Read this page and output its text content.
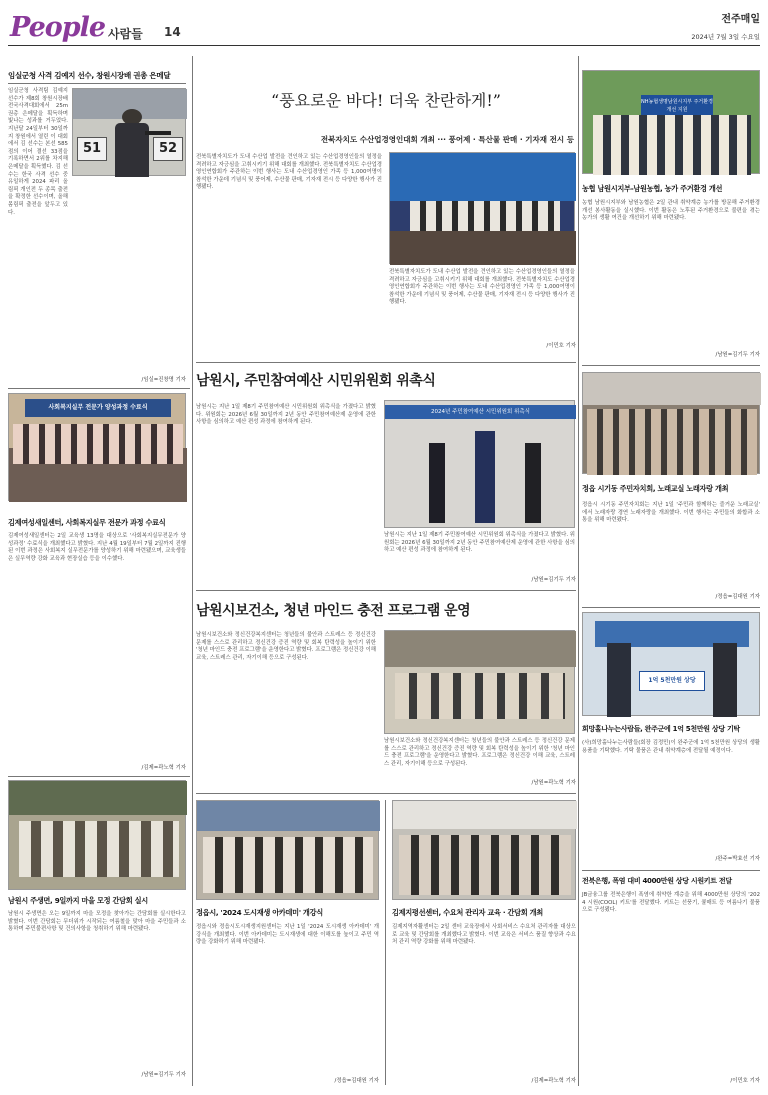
People 사람들 14
전주매일
2024년 7월 3일 수요일
임실군청 사격 김예지 선수, 창원시장배 권총 은메달
51	52
임실군청 사격팀 김예지 선수가 제8회 창원시장배 전국사격대회에서 25m 권총 은메달을 획득하며 빛나는 성과를 거두었다. 지난달 24일부터 30일까지 창원에서 열린 이 대회에서 김 선수는 본선 585점의 이어 결선 33점을 기록하면서 2위를 차지해 은메달을 획득했다. 김 선수는 한국 사격 선수 중 유일하게 2024 파리 올림픽 개인전 두 종목 출전을 확정한 선수이며, 올해 몸림픽 출전을 앞두고 있다.
/임실=진창명 기자
사회복지실무 전문가 양성과정 수료식
김제여성새일센터, 사회복지실무 전문가 과정 수료식
김제여성새일센터는 2일 교육생 13명을 대상으로 '사회복지실무전문가 양성과정' 수료식을 개최했다고 밝혔다. 지난 4월 19일부터 7월 2일까지 진행된 이번 과정은 사회복지 실무전문가를 양성하기 위해 마련됐으며, 교육생들은 실무역량 강화 교육과 현장실습 등을 이수했다.
/김제=곽노혁 기자
남원시 주생면, 9일까지 마을 모정 간담회 실시
남원시 주생면은 오는 9일까지 마을 모정을 찾아가는 간담회를 실시한다고 밝혔다. 이번 간담회는 무더위가 시작되는 여름철을 맞아 마을 주민들과 소통하며 주민불편사항 및 건의사항을 청취하기 위해 마련됐다.
/남원=김기두 기자
“풍요로운 바다! 더욱 찬란하게!”
전북자치도 수산업경영인대회 개최 ··· 풍어제 · 특산물 판매 · 기자재 전시 등
전북특별자치도가 도내 수산업 발전을 견인하고 있는 수산업경영인들의 열정을 격려하고 자긍심을 고취시키기 위해 대회를 개최했다. 전북특별자치도 수산업경영인연합회가 주관하는 이번 행사는 도내 수산업경영인 가족 등 1,000여명이 참석한 가운데 기념식 및 풍어제, 수산물 판매, 기자재 전시 등 다양한 행사가 진행됐다.
전북특별자치도가 도내 수산업 발전을 견인하고 있는 수산업경영인들의 열정을 격려하고 자긍심을 고취시키기 위해 대회를 개최했다. 전북특별자치도 수산업경영인연합회가 주관하는 이번 행사는 도내 수산업경영인 가족 등 1,000여명이 참석한 가운데 기념식 및 풍어제, 수산물 판매, 기자재 전시 등 다양한 행사가 진행됐다.
/이민호 기자
남원시, 주민참여예산 시민위원회 위촉식
남원시는 지난 1일 제8기 주민참여예산 시민위원회 위촉식을 가졌다고 밝혔다. 위원회는 2026년 6월 30일까지 2년 동안 주민참여예산제 운영에 관한 사항을 심의하고 예산 편성 과정에 참여하게 된다.
2024년 주민참여예산 시민위원회 위촉식
남원시는 지난 1일 제8기 주민참여예산 시민위원회 위촉식을 가졌다고 밝혔다. 위원회는 2026년 6월 30일까지 2년 동안 주민참여예산제 운영에 관한 사항을 심의하고 예산 편성 과정에 참여하게 된다.
/남원=김기두 기자
남원시보건소, 청년 마인드 충전 프로그램 운영
남원시보건소와 정신건강복지센터는 청년들의 불안과 스트레스 등 정신건강 문제를 스스로 관리하고 정신건강 증진 역량 및 회복 탄력성을 높이기 위한 '청년 마인드 충전 프로그램'을 운영한다고 밝혔다. 프로그램은 정신건강 이해 교육, 스트레스 관리, 자기이해 등으로 구성된다.
남원시보건소와 정신건강복지센터는 청년들의 불안과 스트레스 등 정신건강 문제를 스스로 관리하고 정신건강 증진 역량 및 회복 탄력성을 높이기 위한 '청년 마인드 충전 프로그램'을 운영한다고 밝혔다. 프로그램은 정신건강 이해 교육, 스트레스 관리, 자기이해 등으로 구성된다.
/남원=곽노혁 기자
정읍시, '2024 도시재생 아카데미' 개강식
정읍시와 정읍시도시재생지원센터는 지난 1일 '2024 도시재생 아카데미' 개강식을 개최했다. 이번 아카데미는 도시재생에 대한 이해도를 높이고 주민 역량을 강화하기 위해 마련됐다.
/정읍=김대원 기자
김제지평선센터, 수요처 관리자 교육 · 간담회 개최
김제지역자활센터는 2일 센터 교육장에서 사회서비스 수요처 관리자를 대상으로 교육 및 간담회를 개최했다고 밝혔다. 이번 교육은 서비스 품질 향상과 수요처 관리 역량 강화를 위해 마련됐다.
/김제=곽노혁 기자
NH농협생명남원시지부 주거환경 개선 지원
농협 남원시지부-남원농협, 농가 주거환경 개선
농협 남원시지부와 남원농협은 2일 관내 취약계층 농가를 방문해 주거환경 개선 봉사활동을 실시했다. 이번 활동은 노후된 주거환경으로 불편을 겪는 농가의 생활 여건을 개선하기 위해 마련됐다.
/남원=김기두 기자
정읍 시기동 주민자치회, 노래교실 노래자랑 개최
정읍시 시기동 주민자치회는 지난 1일 '주민과 함께하는 즐거운 노래교실' 에서 노래자랑 경연 노래자랑을 개최했다. 이번 행사는 주민들의 화합과 소통을 위해 마련됐다.
/정읍=김대원 기자
1억 5천만원 상당
희망홀나누는사람들, 완주군에 1억 5천만원 상당 기탁
(사)희망홀나누는사람들(회장 김정민)이 완주군에 1억 5천만원 상당의 생활용품을 기탁했다. 기탁 물품은 관내 취약계층에 전달될 예정이다.
/완주=박효선 기자
전북은행, 폭염 대비 4000만원 상당 시원키트 전달
JB금융그룹 전북은행이 폭염에 취약한 계층을 위해 4000만원 상당의 '2024 시원(COOL) 키트'를 전달했다. 키트는 선풍기, 쿨매트 등 여름나기 물품으로 구성됐다.
/이민호 기자
